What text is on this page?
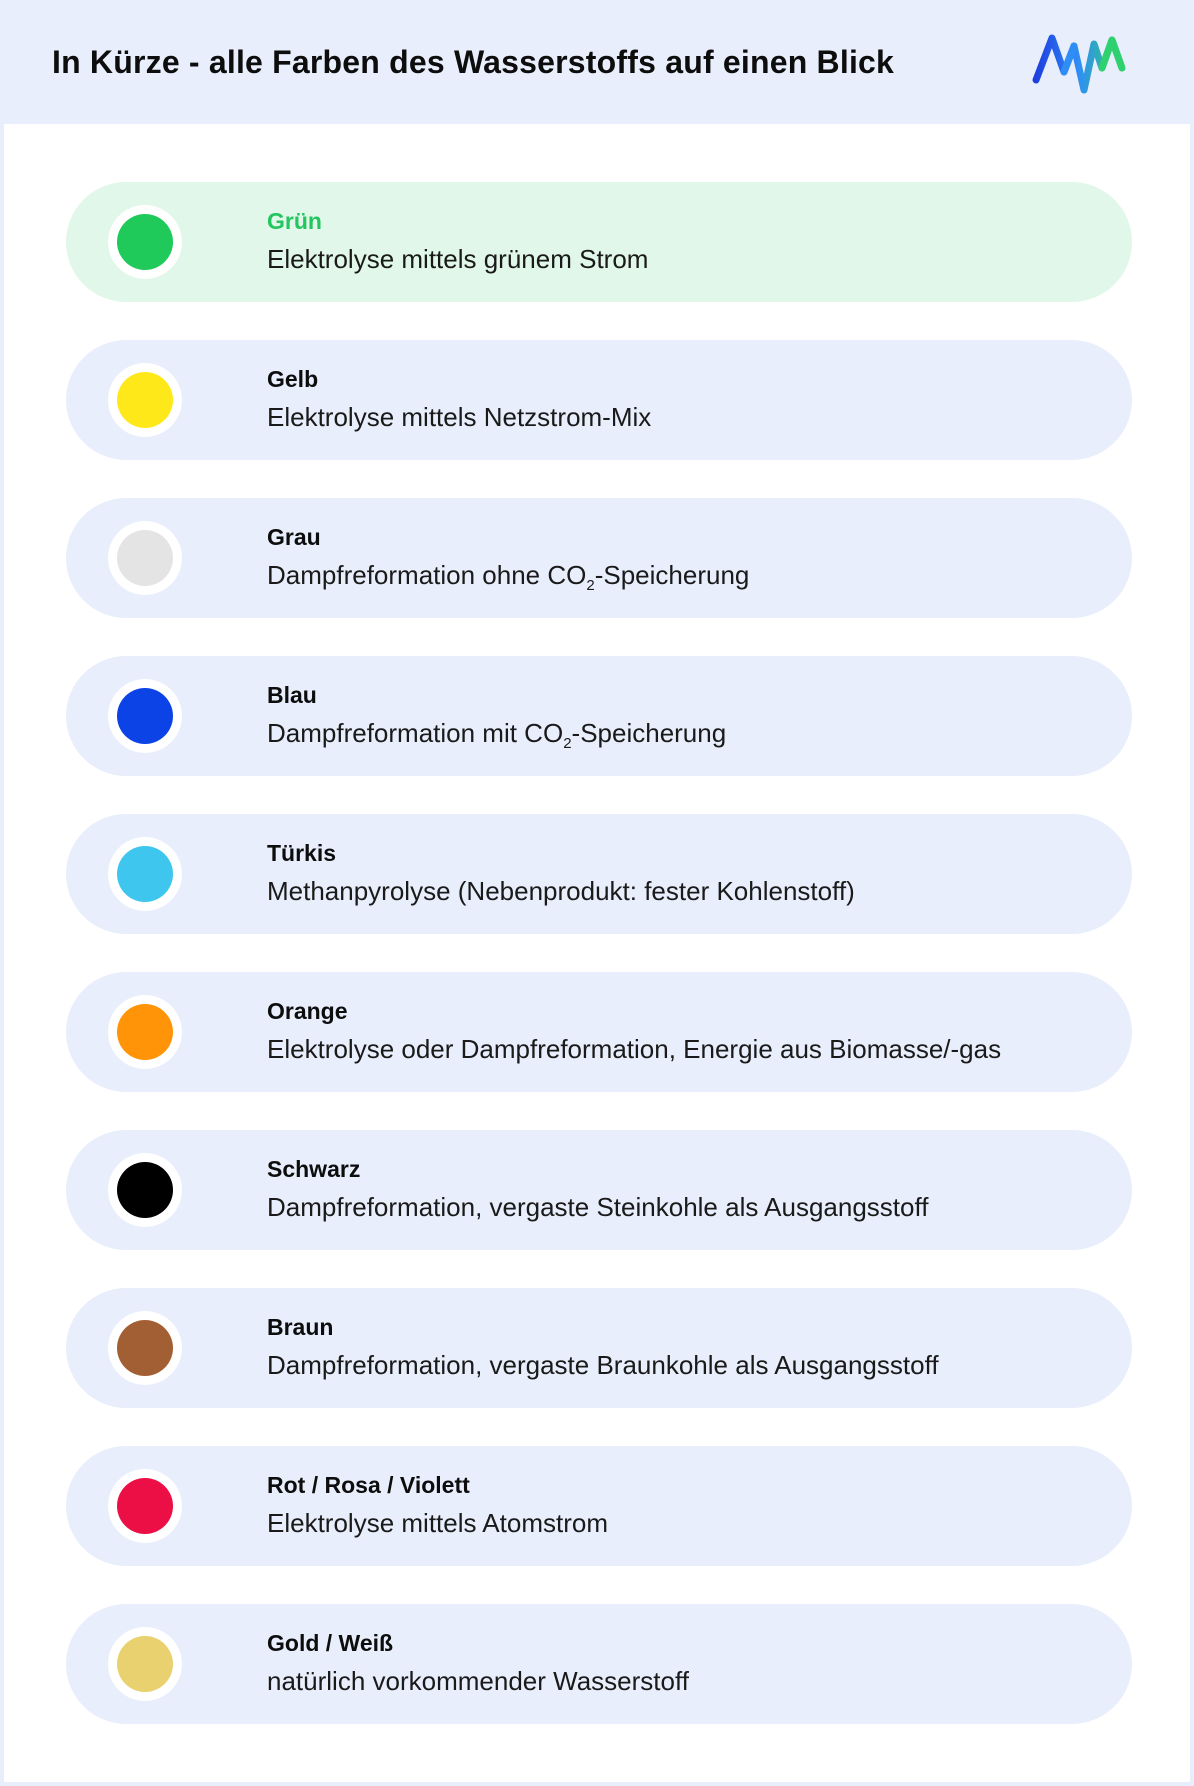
In Kürze - alle Farben des Wasserstoffs auf einen Blick
Grün
Elektrolyse mittels grünem Strom
Gelb
Elektrolyse mittels Netzstrom-Mix
Grau
Dampfreformation ohne $CO_2$-Speicherung
Blau
Dampfreformation mit $CO_2$-Speicherung
Türkis
Methanpyrolyse (Nebenprodukt: fester Kohlenstoff)
Orange
Elektrolyse oder Dampfreformation, Energie aus Biomasse/-gas
Schwarz
Dampfreformation, vergaste Steinkohle als Ausgangsstoff
Braun
Dampfreformation, vergaste Braunkohle als Ausgangsstoff
Rot / Rosa / Violett
Elektrolyse mittels Atomstrom
Gold / Weiß
natürlich vorkommender Wasserstoff
